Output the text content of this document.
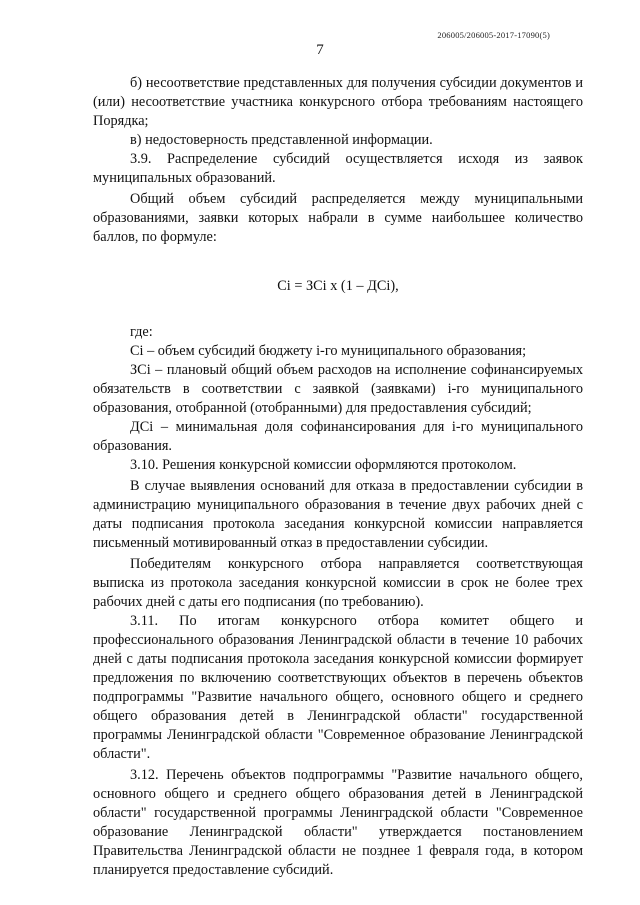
206005/206005-2017-17090(5)
7

б) несоответствие представленных для получения субсидии документов и (или) несоответствие участника конкурсного отбора требованиям настоящего Порядка;

в) недостоверность представленной информации.

3.9. Распределение субсидий осуществляется исходя из заявок муниципальных образований.

Общий объем субсидий распределяется между муниципальными образованиями, заявки которых набрали в сумме наибольшее количество баллов, по формуле:

Ci = ЗCi x (1 – ДCi),

где:

Ci – объем субсидий бюджету i-го муниципального образования;

ЗCi – плановый общий объем расходов на исполнение софинансируемых обязательств в соответствии с заявкой (заявками) i-го муниципального образования, отобранной (отобранными) для предоставления субсидий;

ДCi – минимальная доля софинансирования для i-го муниципального образования.

3.10. Решения конкурсной комиссии оформляются протоколом.

В случае выявления оснований для отказа в предоставлении субсидии в администрацию муниципального образования в течение двух рабочих дней с даты подписания протокола заседания конкурсной комиссии направляется письменный мотивированный отказ в предоставлении субсидии.

Победителям конкурсного отбора направляется соответствующая выписка из протокола заседания конкурсной комиссии в срок не более трех рабочих дней с даты его подписания (по требованию).

3.11. По итогам конкурсного отбора комитет общего и профессионального образования Ленинградской области в течение 10 рабочих дней с даты подписания протокола заседания конкурсной комиссии формирует предложения по включению соответствующих объектов в перечень объектов подпрограммы "Развитие начального общего, основного общего и среднего общего образования детей в Ленинградской области" государственной программы Ленинградской области "Современное образование Ленинградской области".

3.12. Перечень объектов подпрограммы "Развитие начального общего, основного общего и среднего общего образования детей в Ленинградской области" государственной программы Ленинградской области "Современное образование Ленинградской области" утверждается постановлением Правительства Ленинградской области не позднее 1 февраля года, в котором планируется предоставление субсидий.
